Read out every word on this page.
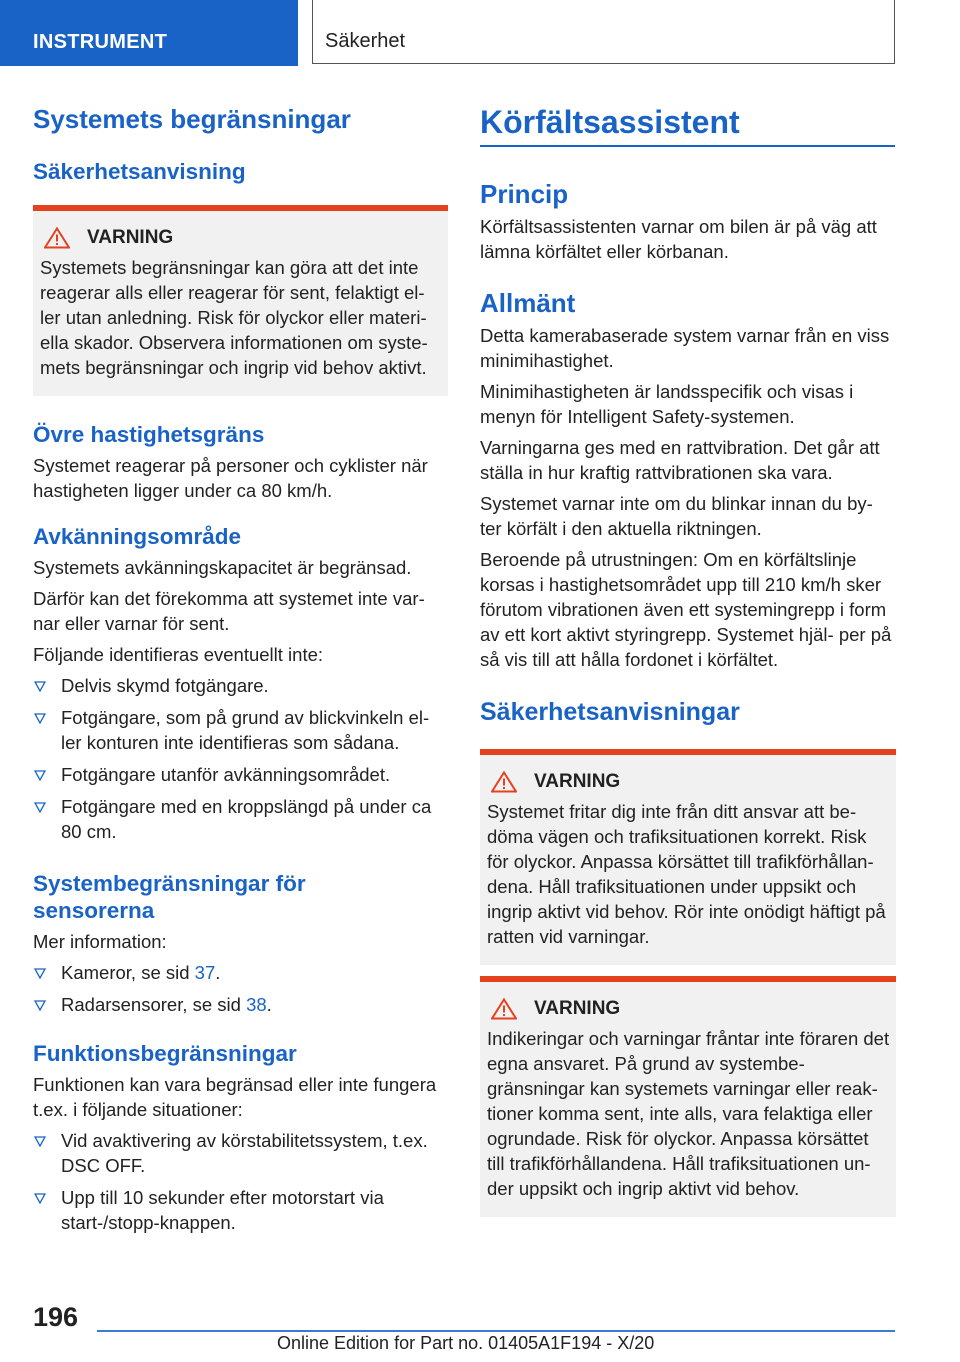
INSTRUMENT	Säkerhet
Systemets begränsningar
Säkerhetsanvisning
VARNING

Systemets begränsningar kan göra att det inte reagerar alls eller reagerar för sent, felaktigt el‐ ler utan anledning. Risk för olyckor eller materi‐ ella skador. Observera informationen om syste‐ mets begränsningar och ingrip vid behov aktivt.

Övre hastighetsgräns

Systemet reagerar på personer och cyklister när hastigheten ligger under ca 80 km/h.

Avkänningsområde

Systemets avkänningskapacitet är begränsad.

Därför kan det förekomma att systemet inte var‐ nar eller varnar för sent.

Följande identifieras eventuellt inte:

Delvis skymd fotgängare.
Fotgängare, som på grund av blickvinkeln el‐ ler konturen inte identifieras som sådana.
Fotgängare utanför avkänningsområdet.
Fotgängare med en kroppslängd på under ca 80 cm.
Systembegränsningar för
sensorerna

Mer information:

Kameror, se sid 37.
Radarsensorer, se sid 38.
Funktionsbegränsningar

Funktionen kan vara begränsad eller inte fungera t.ex. i följande situationer:

Vid avaktivering av körstabilitetssystem, t.ex. DSC OFF.
Upp till 10 sekunder efter motorstart via start-/stopp-knappen.
Körfältsassistent
Princip

Körfältsassistenten varnar om bilen är på väg att lämna körfältet eller körbanan.

Allmänt

Detta kamerabaserade system varnar från en viss minimihastighet.

Minimihastigheten är landsspecifik och visas i menyn för Intelligent Safety-systemen.

Varningarna ges med en rattvibration. Det går att ställa in hur kraftig rattvibrationen ska vara.

Systemet varnar inte om du blinkar innan du by‐ ter körfält i den aktuella riktningen.

Beroende på utrustningen: Om en körfältslinje korsas i hastighetsområdet upp till 210 km/h sker förutom vibrationen även ett systemingrepp i form av ett kort aktivt styringrepp. Systemet hjäl‐ per på så vis till att hålla fordonet i körfältet.

Säkerhetsanvisningar
VARNING

Systemet fritar dig inte från ditt ansvar att be‐ döma vägen och trafiksituationen korrekt. Risk för olyckor. Anpassa körsättet till trafikförhållan‐ dena. Håll trafiksituationen under uppsikt och ingrip aktivt vid behov. Rör inte onödigt häftigt på ratten vid varningar.

VARNING

Indikeringar och varningar fråntar inte föraren det egna ansvaret. På grund av systembe‐ gränsningar kan systemets varningar eller reak‐ tioner komma sent, inte alls, vara felaktiga eller ogrundade. Risk för olyckor. Anpassa körsättet till trafikförhållandena. Håll trafiksituationen un‐ der uppsikt och ingrip aktivt vid behov.

196
Online Edition for Part no. 01405A1F194 - X/20
